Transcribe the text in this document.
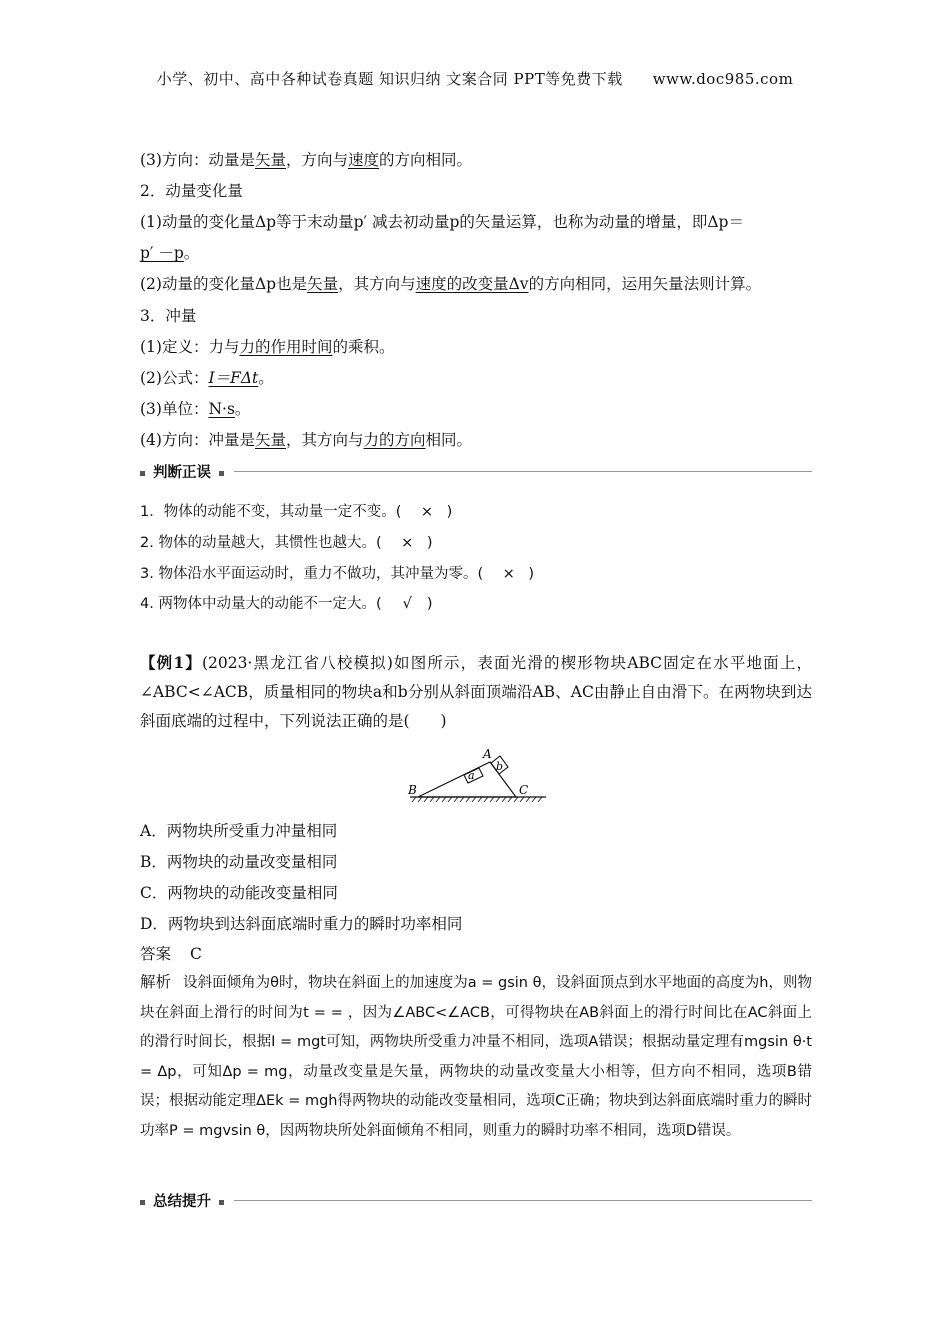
小学、初中、高中各种试卷真题 知识归纳 文案合同 PPT等免费下载 www.doc985.com
(3)方向：动量是矢量，方向与速度的方向相同。
2．动量变化量
(1)动量的变化量Δp等于末动量p′ 减去初动量p的矢量运算，也称为动量的增量，即Δp＝
p′ －p。
(2)动量的变化量Δp也是矢量，其方向与速度的改变量Δv的方向相同，运用矢量法则计算。
3．冲量
(1)定义：力与力的作用时间的乘积。
(2)公式：I＝FΔt。
(3)单位：N·s。
(4)方向：冲量是矢量，其方向与力的方向相同。
判断正误
1．物体的动能不变，其动量一定不变。( × )
2. 物体的动量越大，其惯性也越大。( × )
3. 物体沿水平面运动时，重力不做功，其冲量为零。( × )
4. 两物体中动量大的动能不一定大。( √ )
【例1】(2023·黑龙江省八校模拟)如图所示，表面光滑的楔形物块ABC固定在水平地面上，∠ABC<∠ACB，质量相同的物块a和b分别从斜面顶端沿AB、AC由静止自由滑下。在两物块到达斜面底端的过程中，下列说法正确的是(　　)
a
b
A
B	C
A．两物块所受重力冲量相同
B．两物块的动量改变量相同
C．两物块的动能改变量相同
D．两物块到达斜面底端时重力的瞬时功率相同
答案 C
解析 设斜面倾角为θ时，物块在斜面上的加速度为a = gsin θ，设斜面顶点到水平地面的高度为h，则物块在斜面上滑行的时间为t = = ，因为∠ABC<∠ACB，可得物块在AB斜面上的滑行时间比在AC斜面上的滑行时间长，根据I = mgt可知，两物块所受重力冲量不相同，选项A错误；根据动量定理有mgsin θ·t = Δp，可知Δp = mg，动量改变量是矢量，两物块的动量改变量大小相等，但方向不相同，选项B错误；根据动能定理ΔEk = mgh得两物块的动能改变量相同，选项C正确；物块到达斜面底端时重力的瞬时功率P = mgvsin θ，因两物块所处斜面倾角不相同，则重力的瞬时功率不相同，选项D错误。
总结提升
